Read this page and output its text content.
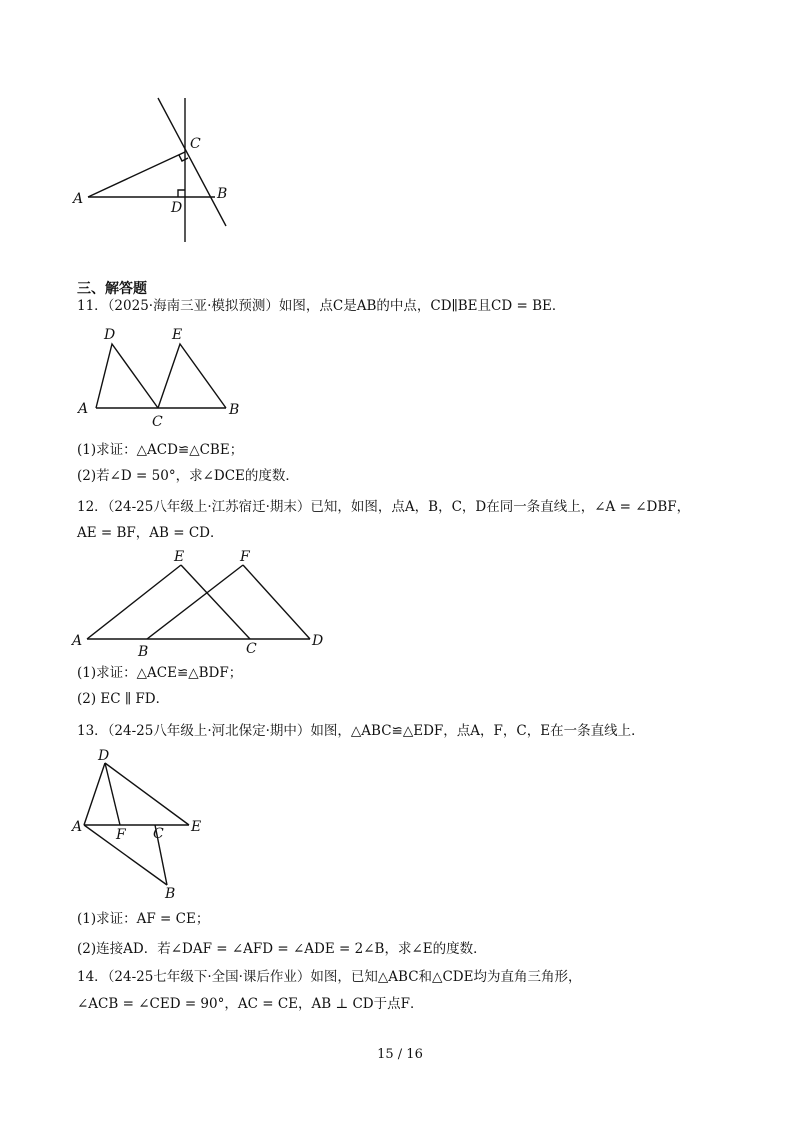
C
B
A
D
三、解答题
11．（2025·海南三亚·模拟预测）如图，点C是AB的中点，CD∥BE且CD = BE．
D	E
A
C
B
(1)求证：△ACD≌△CBE；
(2)若∠D = 50°，求∠DCE的度数．
12．（24-25八年级上·江苏宿迁·期末）已知，如图，点A，B，C，D在同一条直线上，∠A = ∠DBF，
AE = BF，AB = CD．
E	F
A
B	C	D
(1)求证：△ACE≌△BDF；
(2) EC ∥ FD．
13．（24-25八年级上·河北保定·期中）如图，△ABC≌△EDF，点A，F，C，E在一条直线上．
D
A F C E
B
(1)求证：AF = CE；
(2)连接AD．若∠DAF = ∠AFD = ∠ADE = 2∠B，求∠E的度数．
14．（24-25七年级下·全国·课后作业）如图，已知△ABC和△CDE均为直角三角形，
∠ACB = ∠CED = 90°，AC = CE，AB ⊥ CD于点F．
15 / 16
